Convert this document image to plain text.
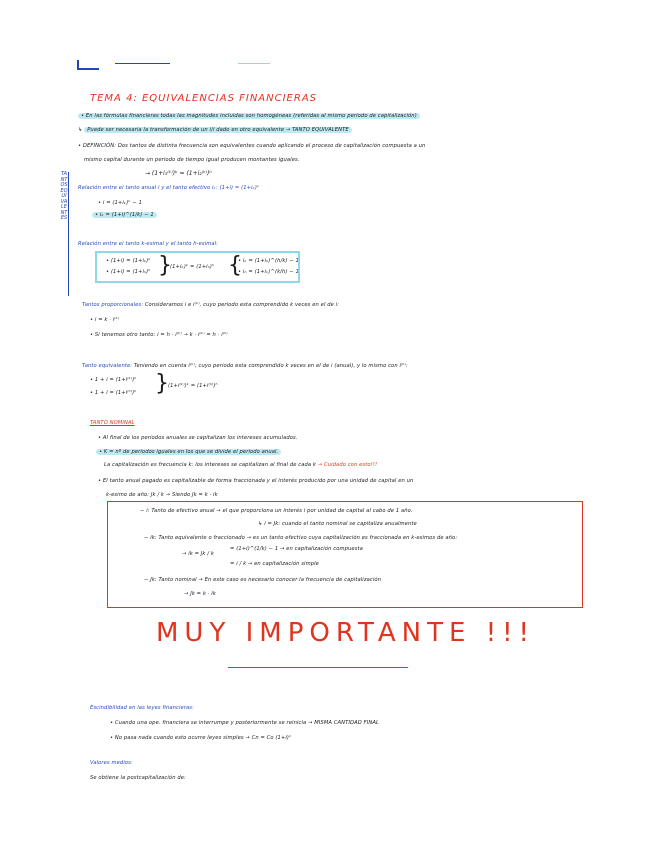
TEMA 4: EQUIVALENCIAS FINANCIERAS
• En las fórmulas financieras todas las magnitudes incluidas son homogéneas (referidas al mismo periodo de capitalización)
↳ Puede ser necesaria la transformación de un i/i dado en otro equivalente → TANTO EQUIVALENTE
• DEFINICIÓN: Dos tantos de distinta frecuencia son equivalentes cuando aplicando el proceso de capitalización compuesta a un
mismo capital durante un periodo de tiempo igual producen montantes iguales.
→ (1+i₁⁽ᵏ⁾)ᵏ = (1+i₂⁽ʰ⁾)ʰ
TANTOS EQUIVALENTES
Relación entre el tanto anual i y el tanto efectivo iₖ: (1+i) = (1+iₖ)ᵏ
• i = (1+iₖ)ᵏ − 1
• iₖ = (1+i)^(1/k) − 1
Relación entre el tanto k-esimal y el tanto h-esimal:
• (1+i) = (1+iₖ)ᵏ
• (1+i) = (1+iₕ)ʰ }
(1+iₖ)ᵏ = (1+iₕ)ʰ {
• iₖ = (1+iₕ)^(h/k) − 1
• iₕ = (1+iₖ)^(k/h) − 1
Tantos proporcionales: Consideramos i e i⁽ᵏ⁾, cuyo periodo esta comprendido k veces en el de i:
• i = k · i⁽ᵏ⁾
• Si tenemos otro tanto: i = h · i⁽ʰ⁾ → k · i⁽ᵏ⁾ = h · i⁽ʰ⁾
Tanto equivalente: Teniendo en cuenta i⁽ᵏ⁾, cuyo periodo esta comprendido k veces en el de i (anual), y lo mismo con i⁽ʰ⁾:
• 1 + i = (1+i⁽ᵏ⁾)ᵏ
• 1 + i = (1+i⁽ʰ⁾)ʰ } (1+i⁽ᵏ⁾)ᵏ = (1+i⁽ʰ⁾)ʰ
TANTO NOMINAL
• Al final de los periodos anuales se capitalizan los intereses acumulados.
• K = nº de periodos iguales en los que se divide el periodo anual.
La capitalización es frecuencia k: los intereses se capitalizan al final de cada k → Cuidado con esto!!!
• El tanto anual pagado es capitalizable de forma fraccionada y el interés producido por una unidad de capital en un
k-esimo de año: Jk / k → Siendo Jk = k · ik
− i: Tanto de efectivo anual → el que proporciona un interés i por unidad de capital al cabo de 1 año.
↳ i = Jk: cuando el tanto nominal se capitaliza anualmente
− ik: Tanto equivalente o fraccionado → es un tanto efectivo cuya capitalización es fraccionada en k-esimos de año:
→ ik = Jk / k
= (1+i)^(1/k) − 1 → en capitalización compuesta
= i / k → en capitalización simple
− Jk: Tanto nominal → En este caso es necesario conocer la frecuencia de capitalización
→ Jk = k · ik
MUY IMPORTANTE !!!
Escindibilidad en las leyes financieras:
• Cuando una ope. financiera se interrumpe y posteriormente se reinicia → MISMA CANTIDAD FINAL
• No pasa nada cuando esto ocurre leyes simples → Cn = Co (1+i)ⁿ
Valores medios:
Se obtiene la postcapitalización de:
